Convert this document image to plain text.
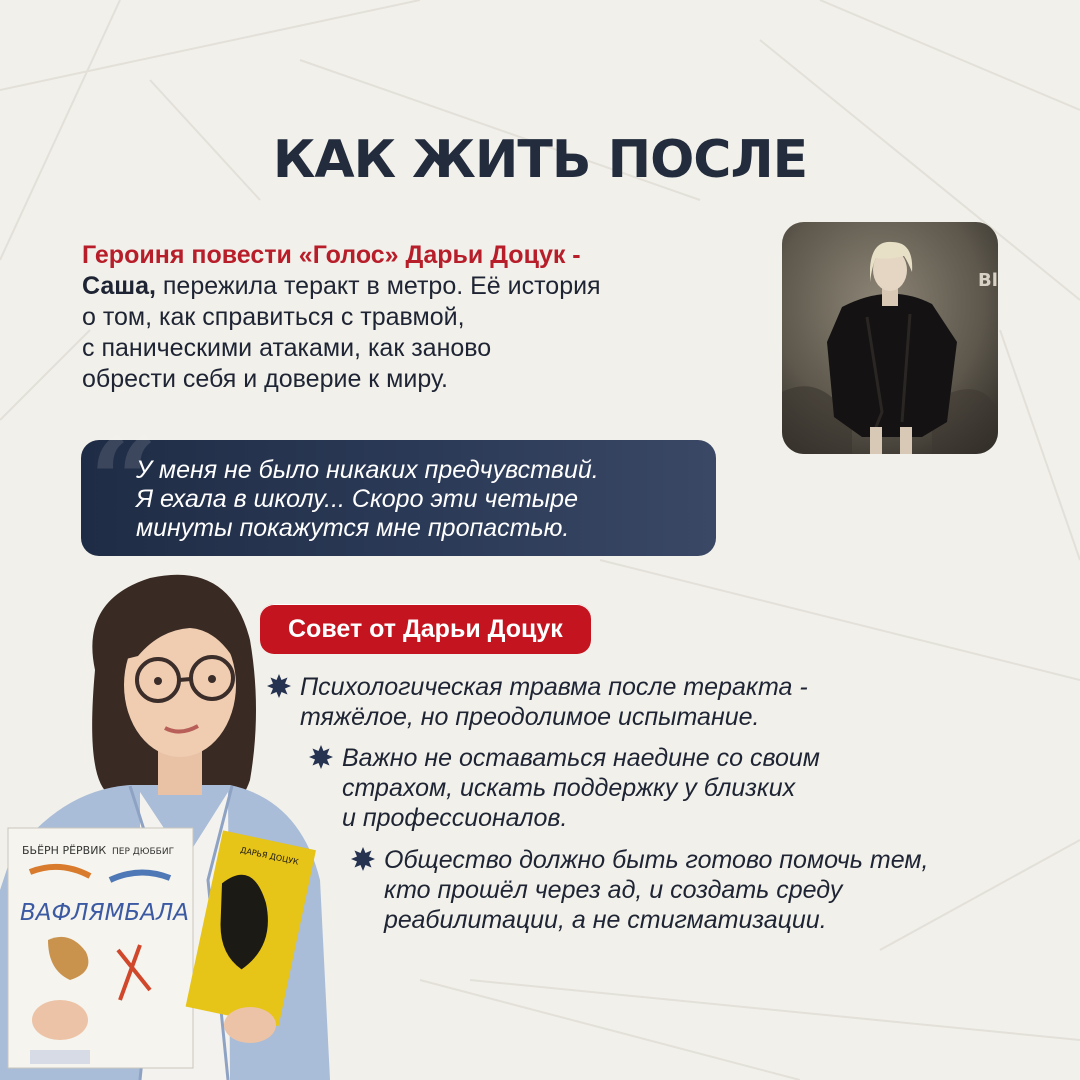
КАК ЖИТЬ ПОСЛЕ
Героиня повести «Голос» Дарьи Доцук -
Саша, пережила теракт в метро. Её история
о том, как справиться с травмой,
с паническими атаками, как заново
обрести себя и доверие к миру.
Bl
“
У меня не было никаких предчувствий.
Я ехала в школу... Скоро эти четыре
минуты покажутся мне пропастью.
БЬЁРН РЁРВИК ПЕР ДЮББИГ
ВАФЛЯМБАЛА
ДАРЬЯ ДОЦУК
Совет от Дарьи Доцук
Психологическая травма после теракта -
тяжёлое, но преодолимое испытание.
Важно не оставаться наедине со своим
страхом, искать поддержку у близких
и профессионалов.
Общество должно быть готово помочь тем,
кто прошёл через ад, и создать среду
реабилитации, а не стигматизации.
